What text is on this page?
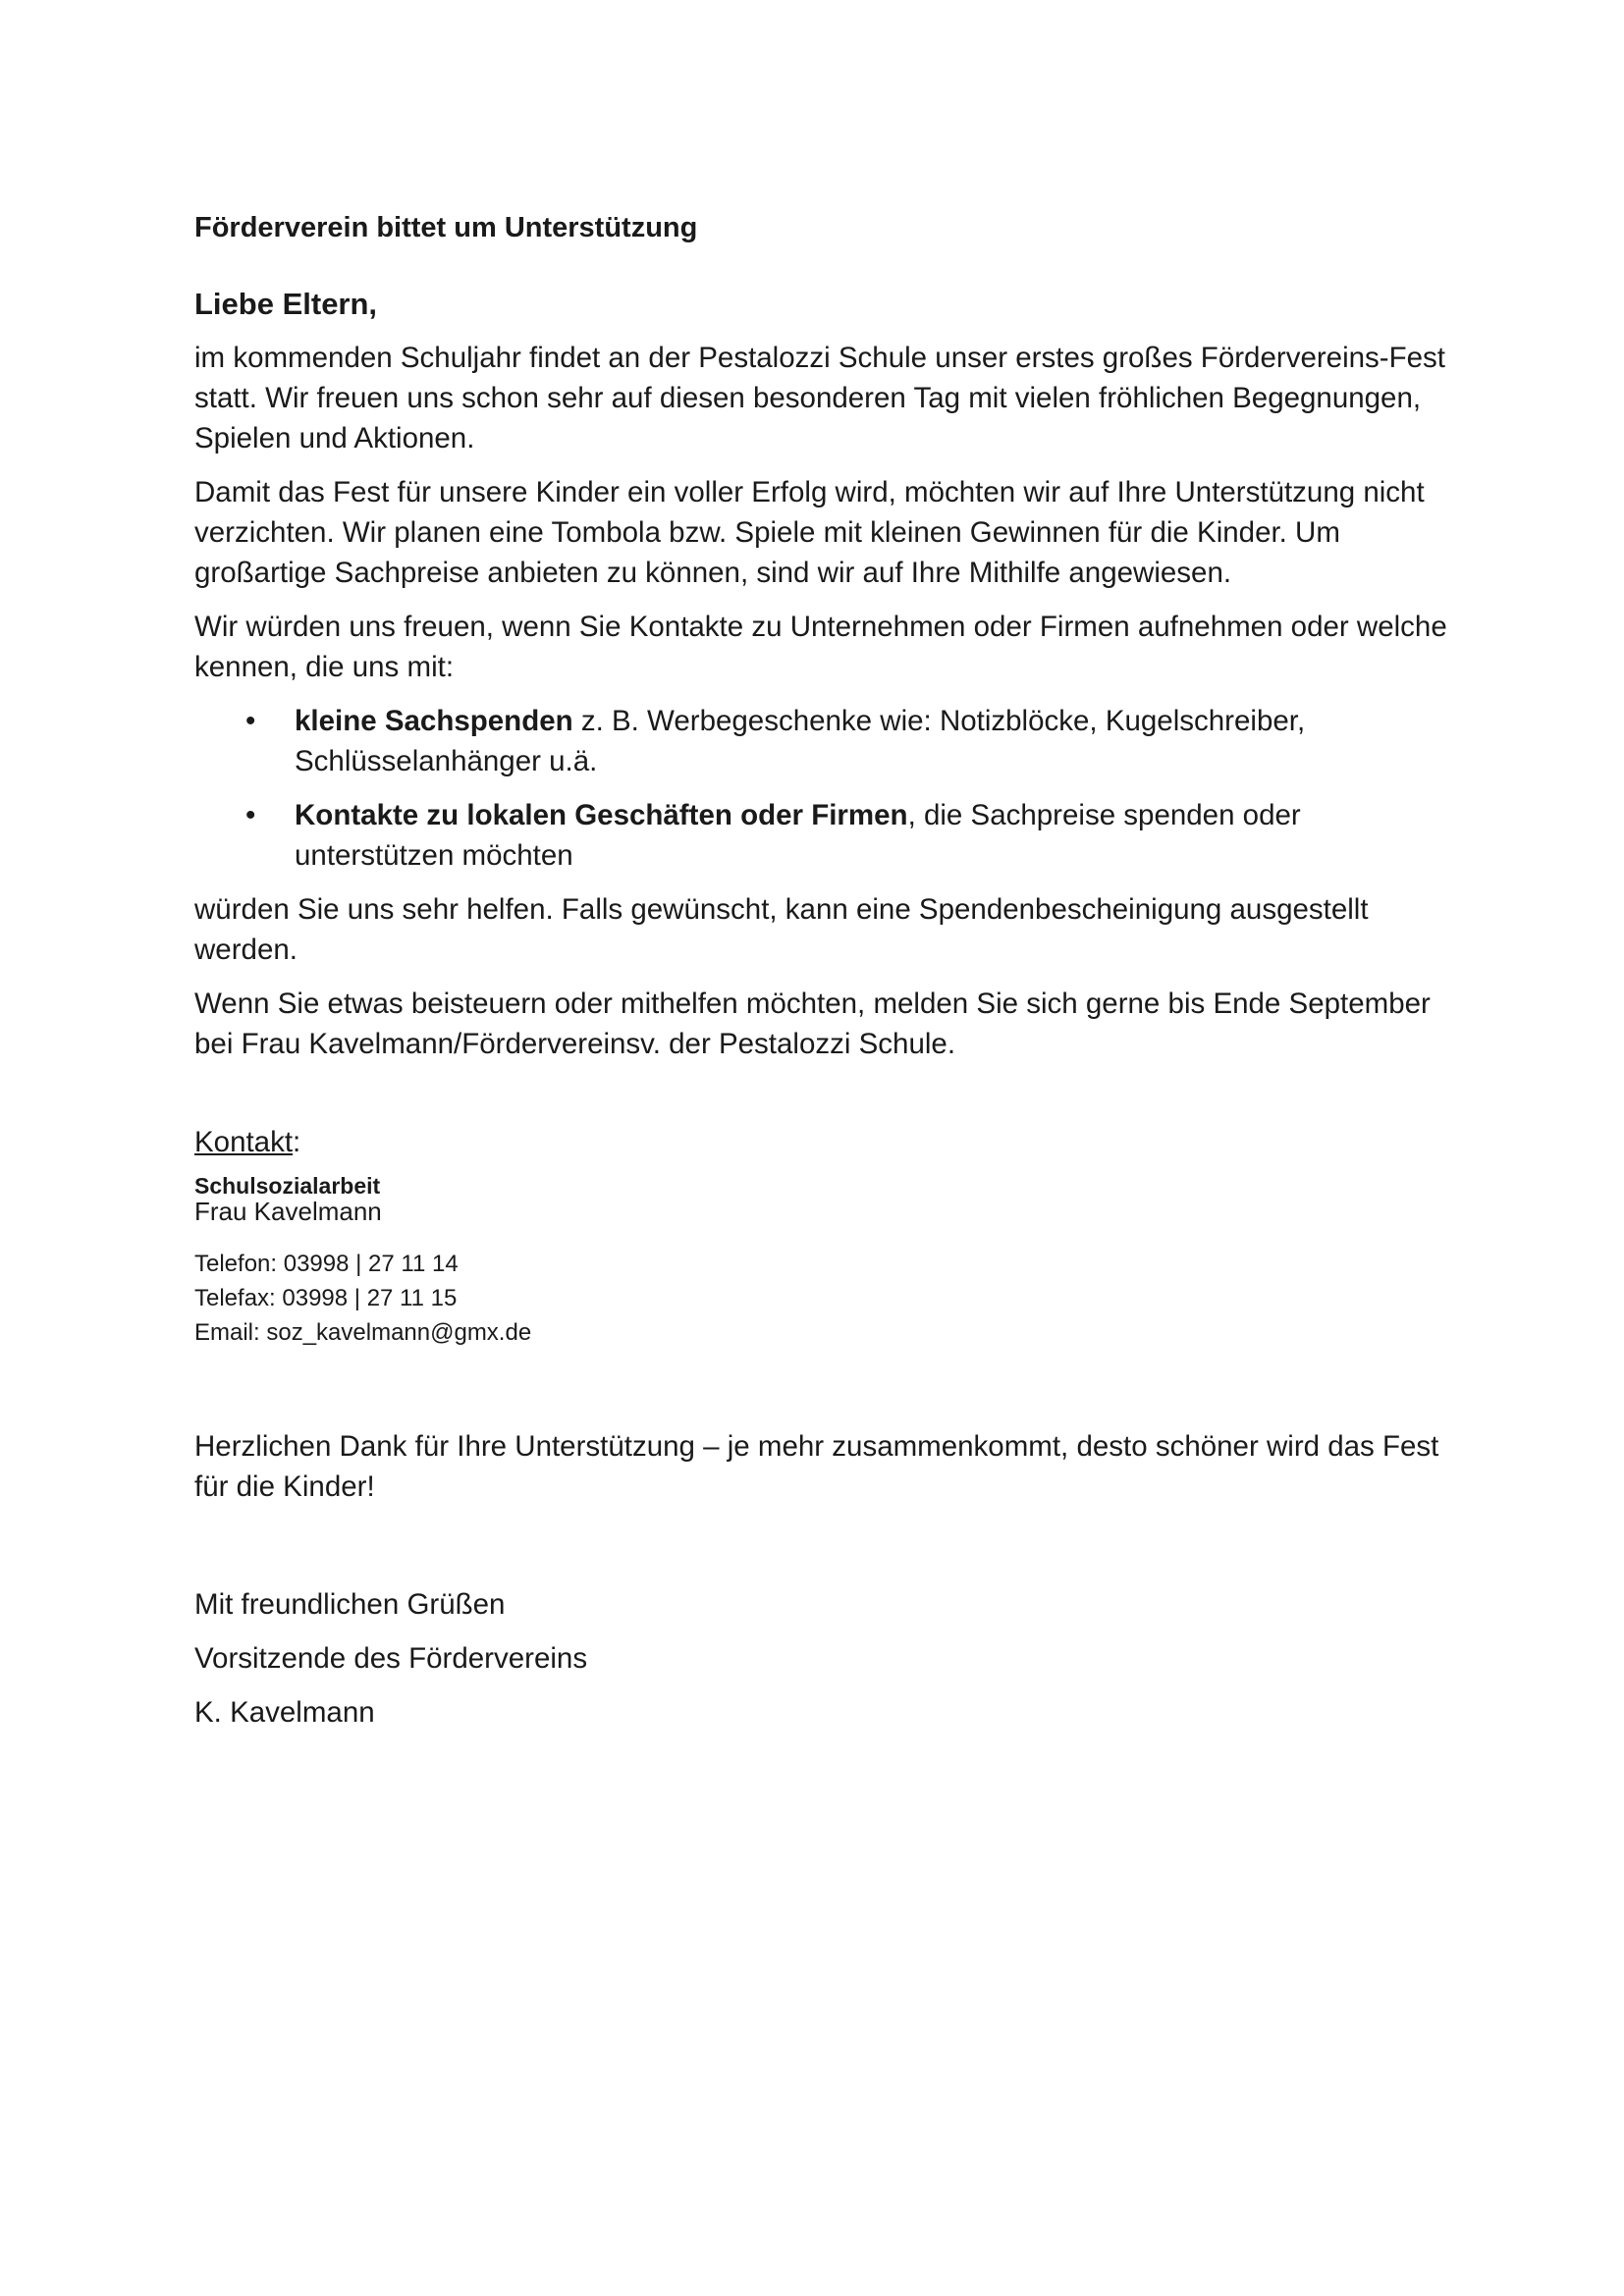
Förderverein bittet um Unterstützung

Liebe Eltern,

im kommenden Schuljahr findet an der Pestalozzi Schule unser erstes großes Fördervereins-Fest statt. Wir freuen uns schon sehr auf diesen besonderen Tag mit vielen fröhlichen Begegnungen, Spielen und Aktionen.

Damit das Fest für unsere Kinder ein voller Erfolg wird, möchten wir auf Ihre Unterstützung nicht verzichten. Wir planen eine Tombola bzw. Spiele mit kleinen Gewinnen für die Kinder. Um großartige Sachpreise anbieten zu können, sind wir auf Ihre Mithilfe angewiesen.

Wir würden uns freuen, wenn Sie Kontakte zu Unternehmen oder Firmen aufnehmen oder welche kennen, die uns mit:

• kleine Sachspenden z. B. Werbegeschenke wie: Notizblöcke, Kugelschreiber, Schlüsselanhänger u.ä.
• Kontakte zu lokalen Geschäften oder Firmen, die Sachpreise spenden oder unterstützen möchten

würden Sie uns sehr helfen. Falls gewünscht, kann eine Spendenbescheinigung ausgestellt werden.

Wenn Sie etwas beisteuern oder mithelfen möchten, melden Sie sich gerne bis Ende September bei Frau Kavelmann/Fördervereinsv. der Pestalozzi Schule.

Kontakt:

Schulsozialarbeit

Frau Kavelmann

Telefon: 03998 | 27 11 14

Telefax: 03998 | 27 11 15

Email: soz_kavelmann@gmx.de

Herzlichen Dank für Ihre Unterstützung – je mehr zusammenkommt, desto schöner wird das Fest für die Kinder!

Mit freundlichen Grüßen

Vorsitzende des Fördervereins

K. Kavelmann
